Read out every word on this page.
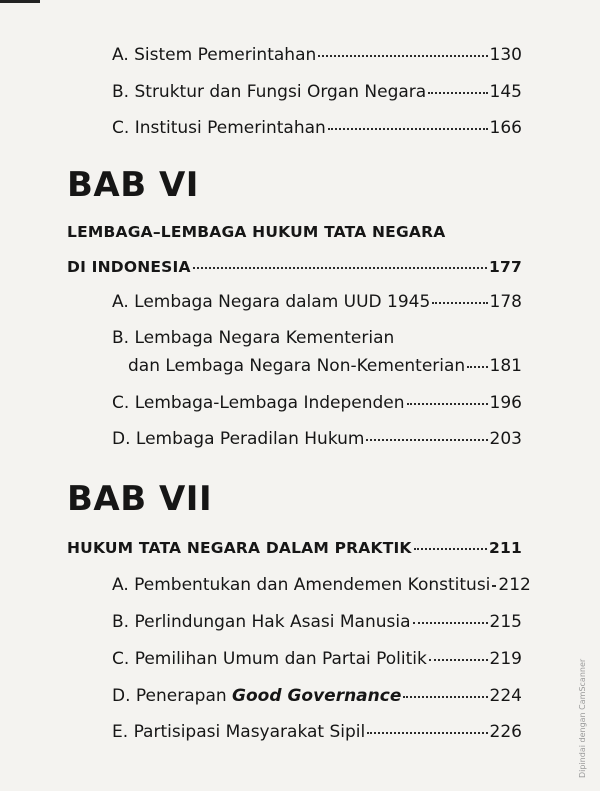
A. Sistem Pemerintahan	130
B. Struktur dan Fungsi Organ Negara	145
C. Institusi Pemerintahan	166
BAB VI
LEMBAGA–LEMBAGA HUKUM TATA NEGARA
DI INDONESIA	177
A. Lembaga Negara dalam UUD 1945	178
B. Lembaga Negara Kementerian
dan Lembaga Negara Non-Kementerian 181
C. Lembaga-Lembaga Independen	196
D. Lembaga Peradilan Hukum	203
BAB VII
HUKUM TATA NEGARA DALAM PRAKTIK	211
A. Pembentukan dan Amendemen Konstitusi 212
B. Perlindungan Hak Asasi Manusia	215
C. Pemilihan Umum dan Partai Politik	219
D. Penerapan Good Governance	224
E. Partisipasi Masyarakat Sipil	226	Dipindai dengan CamScanner
